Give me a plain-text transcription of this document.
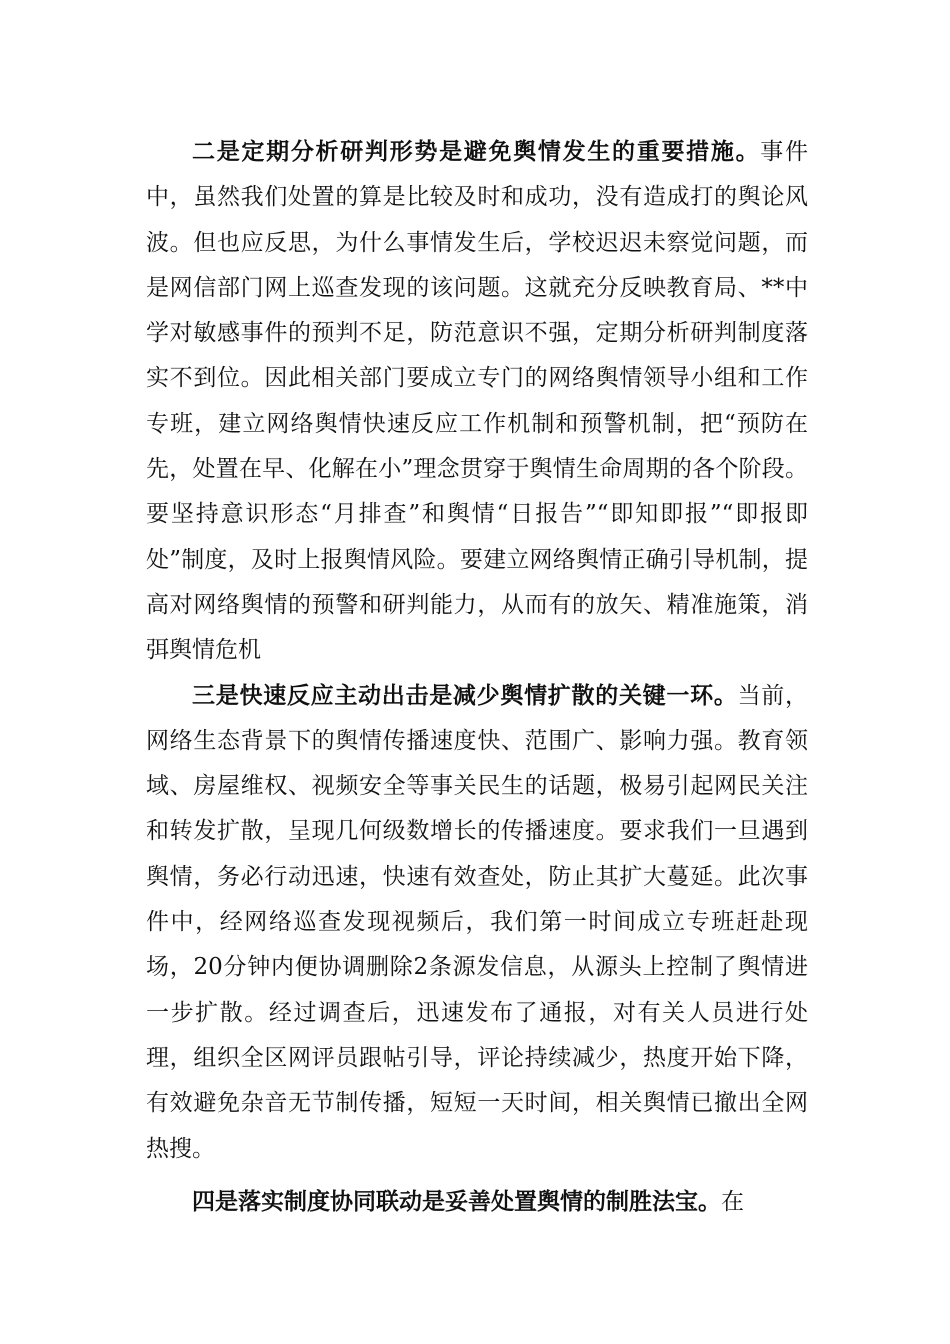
二是定期分析研判形势是避免舆情发生的重要措施。事件中，虽然我们处置的算是比较及时和成功，没有造成打的舆论风波。但也应反思，为什么事情发生后，学校迟迟未察觉问题，而是网信部门网上巡查发现的该问题。这就充分反映教育局、**中学对敏感事件的预判不足，防范意识不强，定期分析研判制度落实不到位。因此相关部门要成立专门的网络舆情领导小组和工作专班，建立网络舆情快速反应工作机制和预警机制，把“预防在先，处置在早、化解在小”理念贯穿于舆情生命周期的各个阶段。要坚持意识形态“月排查”和舆情“日报告”“即知即报”“即报即处”制度，及时上报舆情风险。要建立网络舆情正确引导机制，提高对网络舆情的预警和研判能力，从而有的放矢、精准施策，消弭舆情危机

三是快速反应主动出击是减少舆情扩散的关键一环。当前，网络生态背景下的舆情传播速度快、范围广、影响力强。教育领域、房屋维权、视频安全等事关民生的话题，极易引起网民关注和转发扩散，呈现几何级数增长的传播速度。要求我们一旦遇到舆情，务必行动迅速，快速有效查处，防止其扩大蔓延。此次事件中，经网络巡查发现视频后，我们第一时间成立专班赶赴现场，20分钟内便协调删除2条源发信息，从源头上控制了舆情进一步扩散。经过调查后，迅速发布了通报，对有关人员进行处理，组织全区网评员跟帖引导，评论持续减少，热度开始下降，有效避免杂音无节制传播，短短一天时间，相关舆情已撤出全网热搜。

四是落实制度协同联动是妥善处置舆情的制胜法宝。在
